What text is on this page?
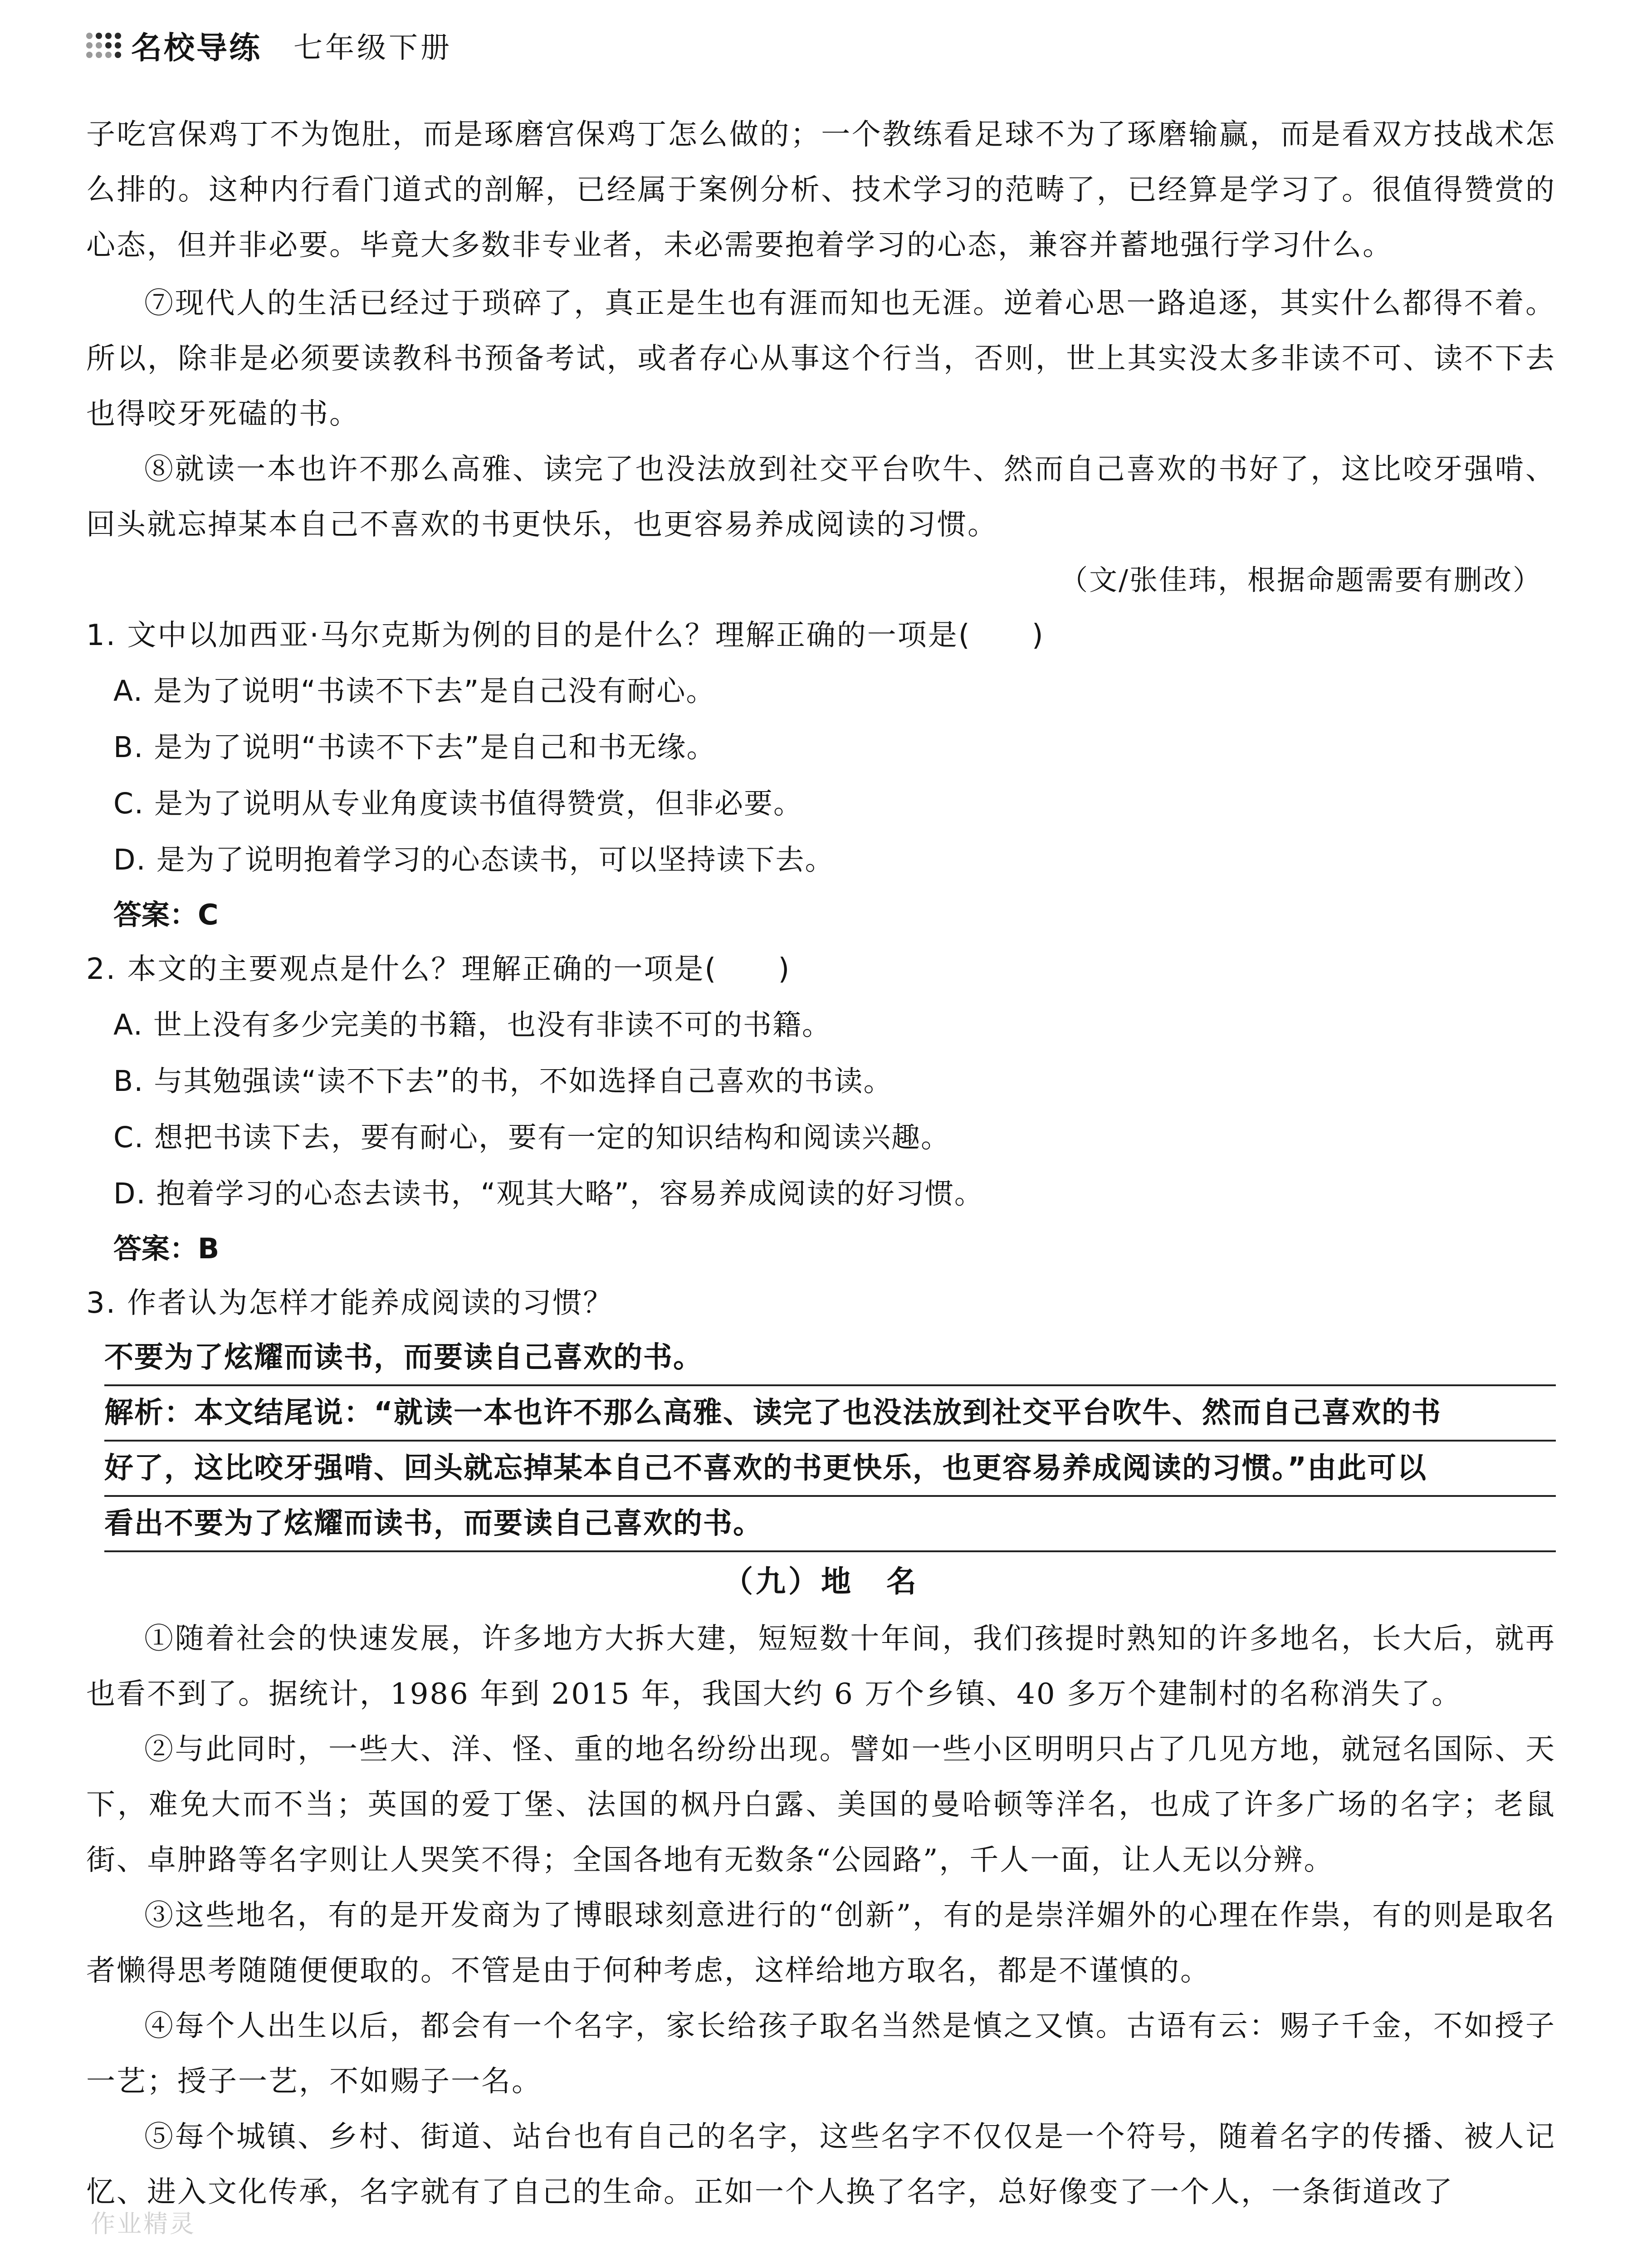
名校导练 七年级下册

子吃宫保鸡丁不为饱肚，而是琢磨宫保鸡丁怎么做的；一个教练看足球不为了琢磨输赢，而是看双方技战术怎么排的。这种内行看门道式的剖解，已经属于案例分析、技术学习的范畴了，已经算是学习了。很值得赞赏的心态，但并非必要。毕竟大多数非专业者，未必需要抱着学习的心态，兼容并蓄地强行学习什么。

⑦现代人的生活已经过于琐碎了，真正是生也有涯而知也无涯。逆着心思一路追逐，其实什么都得不着。所以，除非是必须要读教科书预备考试，或者存心从事这个行当，否则，世上其实没太多非读不可、读不下去也得咬牙死磕的书。

⑧就读一本也许不那么高雅、读完了也没法放到社交平台吹牛、然而自己喜欢的书好了，这比咬牙强啃、回头就忘掉某本自己不喜欢的书更快乐，也更容易养成阅读的习惯。

（文/张佳玮，根据命题需要有删改）

1. 文中以加西亚·马尔克斯为例的目的是什么？理解正确的一项是(　　)

A. 是为了说明“书读不下去”是自己没有耐心。

B. 是为了说明“书读不下去”是自己和书无缘。

C. 是为了说明从专业角度读书值得赞赏，但非必要。

D. 是为了说明抱着学习的心态读书，可以坚持读下去。

答案：C

2. 本文的主要观点是什么？理解正确的一项是(　　)

A. 世上没有多少完美的书籍，也没有非读不可的书籍。

B. 与其勉强读“读不下去”的书，不如选择自己喜欢的书读。

C. 想把书读下去，要有耐心，要有一定的知识结构和阅读兴趣。

D. 抱着学习的心态去读书，“观其大略”，容易养成阅读的好习惯。

答案：B

3. 作者认为怎样才能养成阅读的习惯？

不要为了炫耀而读书，而要读自己喜欢的书。
解析：本文结尾说：“就读一本也许不那么高雅、读完了也没法放到社交平台吹牛、然而自己喜欢的书
好了，这比咬牙强啃、回头就忘掉某本自己不喜欢的书更快乐，也更容易养成阅读的习惯。”由此可以
看出不要为了炫耀而读书，而要读自己喜欢的书。
（九）地　名

①随着社会的快速发展，许多地方大拆大建，短短数十年间，我们孩提时熟知的许多地名，长大后，就再也看不到了。据统计，1986 年到 2015 年，我国大约 6 万个乡镇、40 多万个建制村的名称消失了。

②与此同时，一些大、洋、怪、重的地名纷纷出现。譬如一些小区明明只占了几见方地，就冠名国际、天下，难免大而不当；英国的爱丁堡、法国的枫丹白露、美国的曼哈顿等洋名，也成了许多广场的名字；老鼠街、卓肿路等名字则让人哭笑不得；全国各地有无数条“公园路”，千人一面，让人无以分辨。

③这些地名，有的是开发商为了博眼球刻意进行的“创新”，有的是崇洋媚外的心理在作祟，有的则是取名者懒得思考随随便便取的。不管是由于何种考虑，这样给地方取名，都是不谨慎的。

④每个人出生以后，都会有一个名字，家长给孩子取名当然是慎之又慎。古语有云：赐子千金，不如授子一艺；授子一艺，不如赐子一名。

⑤每个城镇、乡村、街道、站台也有自己的名字，这些名字不仅仅是一个符号，随着名字的传播、被人记忆、进入文化传承，名字就有了自己的生命。正如一个人换了名字，总好像变了一个人，一条街道改了

作业精灵
